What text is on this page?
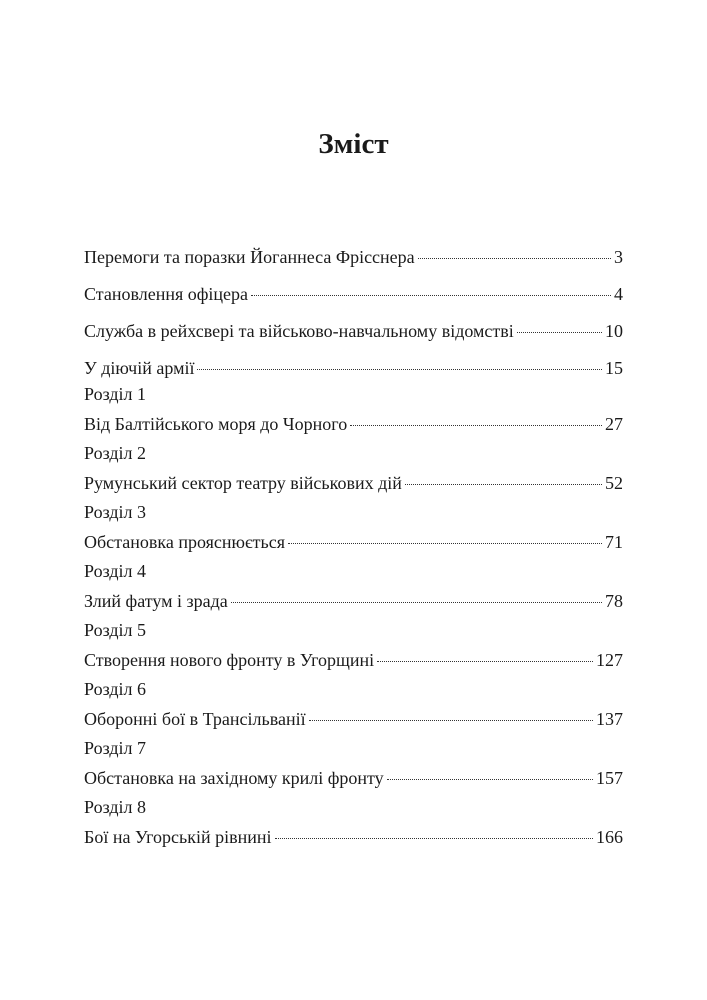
Зміст
Перемоги та поразки Йоганнеса Фрісснера	3
Становлення офіцера	4
Служба в рейхсвері та військово-навчальному відомстві	10
У діючій армії	15
Розділ 1
Від Балтійського моря до Чорного	27
Розділ 2
Румунський сектор театру військових дій	52
Розділ 3
Обстановка прояснюється	71
Розділ 4
Злий фатум і зрада	78
Розділ 5
Створення нового фронту в Угорщині	127
Розділ 6
Оборонні бої в Трансільванії	137
Розділ 7
Обстановка на західному крилі фронту	157
Розділ 8
Бої на Угорській рівнині	166
